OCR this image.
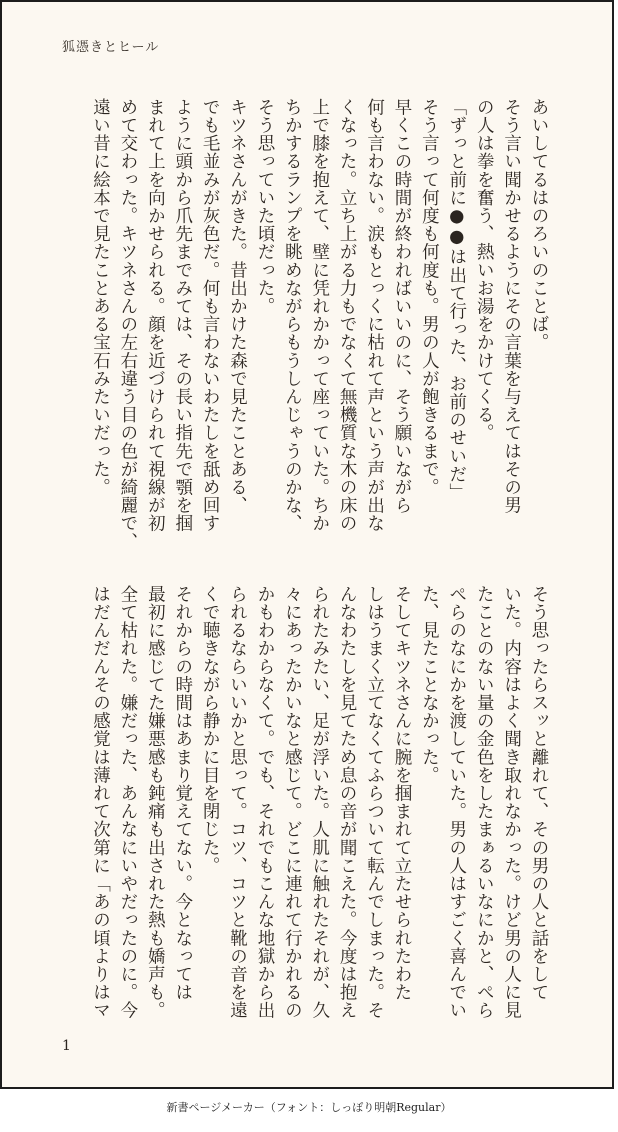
狐憑きとヒール
あいしてるはのろいのことば。
そう言い聞かせるようにその言葉を与えてはその男
の人は拳を奮う、熱いお湯をかけてくる。
「ずっと前に●●は出て行った、お前のせいだ」
そう言って何度も何度も。男の人が飽きるまで。
早くこの時間が終わればいいのに、そう願いながら
何も言わない。涙もとっくに枯れて声という声が出な
くなった。立ち上がる力もでなくて無機質な木の床の
上で膝を抱えて、壁に凭れかかって座っていた。ちか
ちかするランプを眺めながらもうしんじゃうのかな、
そう思っていた頃だった。
キツネさんがきた。昔出かけた森で見たことある、
でも毛並みが灰色だ。何も言わないわたしを舐め回す
ように頭から爪先までみては、その長い指先で顎を掴
まれて上を向かせられる。顔を近づけられて視線が初
めて交わった。キツネさんの左右違う目の色が綺麗で、
遠い昔に絵本で見たことある宝石みたいだった。
そう思ったらスッと離れて、その男の人と話をして
いた。内容はよく聞き取れなかった。けど男の人に見
たことのない量の金色をしたまぁるいなにかと、ぺら
ぺらのなにかを渡していた。男の人はすごく喜んでい
た、見たことなかった。
そしてキツネさんに腕を掴まれて立たせられたわた
しはうまく立てなくてふらついて転んでしまった。そ
んなわたしを見てため息の音が聞こえた。今度は抱え
られたみたい、足が浮いた。人肌に触れたそれが、久
々にあったかいなと感じて。どこに連れて行かれるの
かもわからなくて。でも、それでもこんな地獄から出
られるならいいかと思って。コツ、コツと靴の音を遠
くで聴きながら静かに目を閉じた。
それからの時間はあまり覚えてない。今となっては
最初に感じてた嫌悪感も鈍痛も出された熱も嬌声も。
全て枯れた。嫌だった、あんなにいやだったのに。今
はだんだんその感覚は薄れて次第に「あの頃よりはマ
1
新書ページメーカー（フォント：しっぽり明朝Regular）
